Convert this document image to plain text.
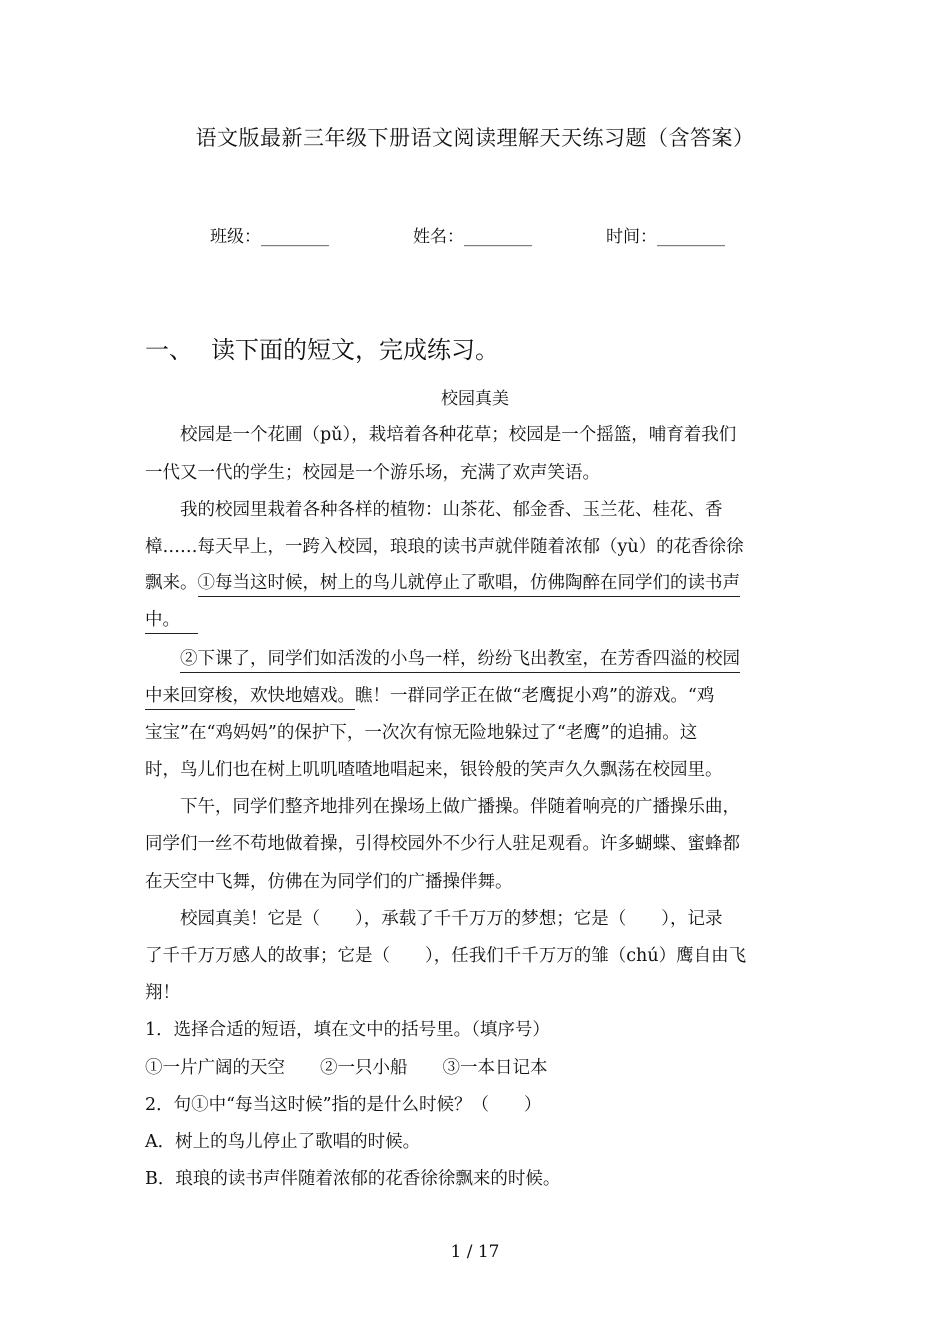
语文版最新三年级下册语文阅读理解天天练习题（含答案）
班级：________	姓名：________	时间：________
一、 读下面的短文，完成练习。
校园真美
　　校园是一个花圃（pǔ），栽培着各种花草；校园是一个摇篮，哺育着我们
一代又一代的学生；校园是一个游乐场，充满了欢声笑语。
　　我的校园里栽着各种各样的植物：山茶花、郁金香、玉兰花、桂花、香
樟……每天早上，一跨入校园，琅琅的读书声就伴随着浓郁（yù）的花香徐徐
飘来。①每当这时候，树上的鸟儿就停止了歌唱，仿佛陶醉在同学们的读书声
中。
　　②下课了，同学们如活泼的小鸟一样，纷纷飞出教室，在芳香四溢的校园
中来回穿梭，欢快地嬉戏。瞧！一群同学正在做“老鹰捉小鸡”的游戏。“鸡
宝宝”在“鸡妈妈”的保护下，一次次有惊无险地躲过了“老鹰”的追捕。这
时，鸟儿们也在树上叽叽喳喳地唱起来，银铃般的笑声久久飘荡在校园里。
　　下午，同学们整齐地排列在操场上做广播操。伴随着响亮的广播操乐曲，
同学们一丝不苟地做着操，引得校园外不少行人驻足观看。许多蝴蝶、蜜蜂都
在天空中飞舞，仿佛在为同学们的广播操伴舞。
　　校园真美！它是（　　），承载了千千万万的梦想；它是（　　），记录
了千千万万感人的故事；它是（　　），任我们千千万万的雏（chú）鹰自由飞
翔！
1．选择合适的短语，填在文中的括号里。（填序号）
①一片广阔的天空　　②一只小船　　③一本日记本
2．句①中“每当这时候”指的是什么时候？（　　）
A．树上的鸟儿停止了歌唱的时候。
B．琅琅的读书声伴随着浓郁的花香徐徐飘来的时候。
1 / 17
